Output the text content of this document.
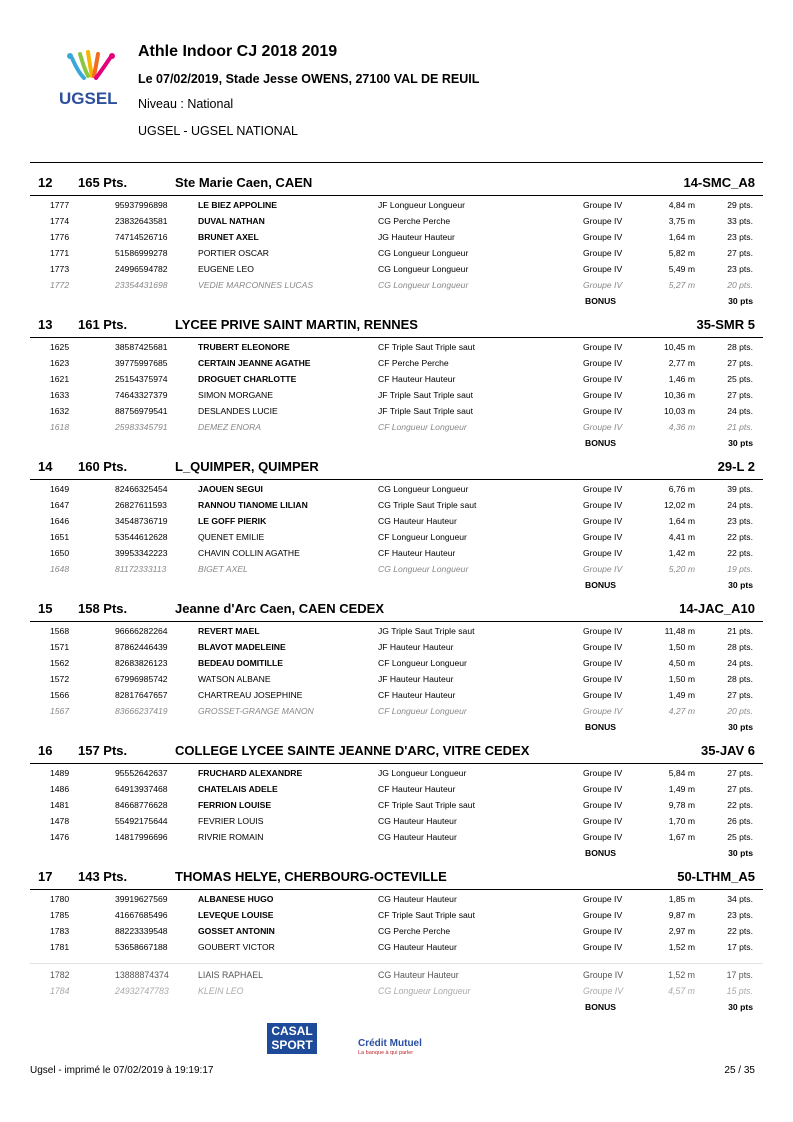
UGSEL
Athle Indoor CJ 2018 2019
Le 07/02/2019, Stade Jesse OWENS, 27100 VAL DE REUIL
Niveau : National
UGSEL - UGSEL NATIONAL
12 165 Pts.	Ste Marie Caen, CAEN	14-SMC_A8
1777	95937996898	LE BIEZ APPOLINE	JF Longueur Longueur	Groupe IV	4,84 m	29 pts.
1774	23832643581	DUVAL NATHAN	CG Perche Perche	Groupe IV	3,75 m	33 pts.
1776	74714526716	BRUNET AXEL	JG Hauteur Hauteur	Groupe IV	1,64 m	23 pts.
1771	51586999278	PORTIER OSCAR	CG Longueur Longueur	Groupe IV	5,82 m	27 pts.
1773	24996594782	EUGENE LEO	CG Longueur Longueur	Groupe IV	5,49 m	23 pts.
1772	23354431698	VEDIE MARCONNES LUCAS	CG Longueur Longueur	Groupe IV	5,27 m	20 pts.
BONUS	30 pts
13 161 Pts.	LYCEE PRIVE SAINT MARTIN, RENNES	35-SMR 5
1625	38587425681	TRUBERT ELEONORE	CF Triple Saut Triple saut	Groupe IV	10,45 m	28 pts.
1623	39775997685	CERTAIN JEANNE AGATHE	CF Perche Perche	Groupe IV	2,77 m	27 pts.
1621	25154375974	DROGUET CHARLOTTE	CF Hauteur Hauteur	Groupe IV	1,46 m	25 pts.
1633	74643327379	SIMON MORGANE	JF Triple Saut Triple saut	Groupe IV	10,36 m	27 pts.
1632	88756979541	DESLANDES LUCIE	JF Triple Saut Triple saut	Groupe IV	10,03 m	24 pts.
1618	25983345791	DEMEZ ENORA	CF Longueur Longueur	Groupe IV	4,36 m	21 pts.
BONUS	30 pts
14 160 Pts.	L_QUIMPER, QUIMPER	29-L 2
1649	82466325454	JAOUEN SEGUI	CG Longueur Longueur	Groupe IV	6,76 m	39 pts.
1647	26827611593	RANNOU TIANOME LILIAN	CG Triple Saut Triple saut	Groupe IV	12,02 m	24 pts.
1646	34548736719	LE GOFF PIERIK	CG Hauteur Hauteur	Groupe IV	1,64 m	23 pts.
1651	53544612628	QUENET EMILIE	CF Longueur Longueur	Groupe IV	4,41 m	22 pts.
1650	39953342223	CHAVIN COLLIN AGATHE	CF Hauteur Hauteur	Groupe IV	1,42 m	22 pts.
1648	81172333113	BIGET AXEL	CG Longueur Longueur	Groupe IV	5,20 m	19 pts.
BONUS	30 pts
15 158 Pts.	Jeanne d'Arc Caen, CAEN CEDEX	14-JAC_A10
1568	96666282264	REVERT MAEL	JG Triple Saut Triple saut	Groupe IV	11,48 m	21 pts.
1571	87862446439	BLAVOT MADELEINE	JF Hauteur Hauteur	Groupe IV	1,50 m	28 pts.
1562	82683826123	BEDEAU DOMITILLE	CF Longueur Longueur	Groupe IV	4,50 m	24 pts.
1572	67996985742	WATSON ALBANE	JF Hauteur Hauteur	Groupe IV	1,50 m	28 pts.
1566	82817647657	CHARTREAU JOSEPHINE	CF Hauteur Hauteur	Groupe IV	1,49 m	27 pts.
1567	83666237419	GROSSET-GRANGE MANON	CF Longueur Longueur	Groupe IV	4,27 m	20 pts.
BONUS	30 pts
16 157 Pts.	COLLEGE LYCEE SAINTE JEANNE D'ARC, VITRE CEDEX	35-JAV 6
1489	95552642637	FRUCHARD ALEXANDRE	JG Longueur Longueur	Groupe IV	5,84 m	27 pts.
1486	64913937468	CHATELAIS ADELE	CF Hauteur Hauteur	Groupe IV	1,49 m	27 pts.
1481	84668776628	FERRION LOUISE	CF Triple Saut Triple saut	Groupe IV	9,78 m	22 pts.
1478	55492175644	FEVRIER LOUIS	CG Hauteur Hauteur	Groupe IV	1,70 m	26 pts.
1476	14817996696	RIVRIE ROMAIN	CG Hauteur Hauteur	Groupe IV	1,67 m	25 pts.
BONUS	30 pts
17 143 Pts.	THOMAS HELYE, CHERBOURG-OCTEVILLE	50-LTHM_A5
1780	39919627569	ALBANESE HUGO	CG Hauteur Hauteur	Groupe IV	1,85 m	34 pts.
1785	41667685496	LEVEQUE LOUISE	CF Triple Saut Triple saut	Groupe IV	9,87 m	23 pts.
1783	88223339548	GOSSET ANTONIN	CG Perche Perche	Groupe IV	2,97 m	22 pts.
1781	53658667188	GOUBERT VICTOR	CG Hauteur Hauteur	Groupe IV	1,52 m	17 pts.
1782	13888874374	LIAIS RAPHAEL	CG Hauteur Hauteur	Groupe IV	1,52 m	17 pts.
1784	24932747783	KLEIN LEO	CG Longueur Longueur	Groupe IV	4,57 m	15 pts.
BONUS	30 pts
CASAL
SPORT	Crédit Mutuel
La banque à qui parler
Ugsel - imprimé le 07/02/2019 à 19:19:17	25 / 35
